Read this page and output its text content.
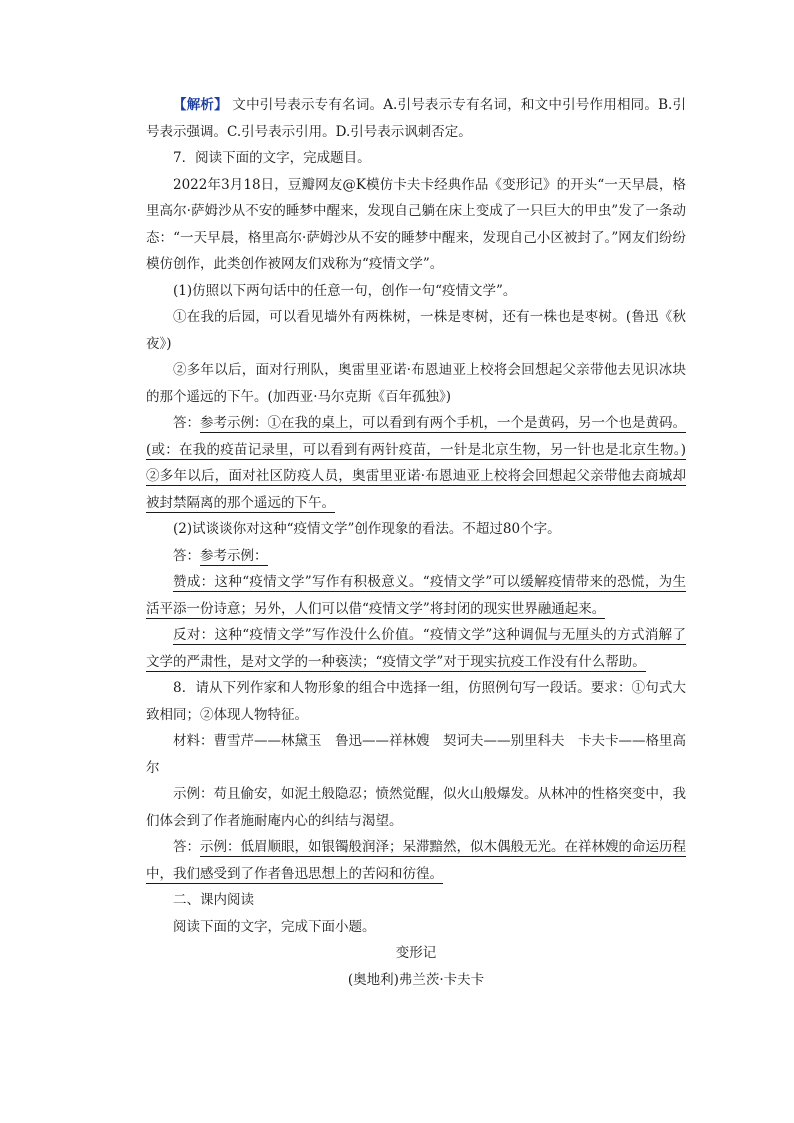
【解析】 文中引号表示专有名词。A.引号表示专有名词，和文中引号作用相同。B.引号表示强调。C.引号表示引用。D.引号表示讽刺否定。

7．阅读下面的文字，完成题目。

2022年3月18日，豆瓣网友@K模仿卡夫卡经典作品《变形记》的开头“一天早晨，格里高尔·萨姆沙从不安的睡梦中醒来，发现自己躺在床上变成了一只巨大的甲虫”发了一条动态：“一天早晨，格里高尔·萨姆沙从不安的睡梦中醒来，发现自己小区被封了。”网友们纷纷模仿创作，此类创作被网友们戏称为“疫情文学”。

(1)仿照以下两句话中的任意一句，创作一句“疫情文学”。

①在我的后园，可以看见墙外有两株树，一株是枣树，还有一株也是枣树。(鲁迅《秋夜》)

②多年以后，面对行刑队，奥雷里亚诺·布恩迪亚上校将会回想起父亲带他去见识冰块的那个遥远的下午。(加西亚·马尔克斯《百年孤独》)

答：参考示例：①在我的桌上，可以看到有两个手机，一个是黄码，另一个也是黄码。(或：在我的疫苗记录里，可以看到有两针疫苗，一针是北京生物，另一针也是北京生物。)②多年以后，面对社区防疫人员，奥雷里亚诺·布恩迪亚上校将会回想起父亲带他去商城却被封禁隔离的那个遥远的下午。

(2)试谈谈你对这种“疫情文学”创作现象的看法。不超过80个字。

答：参考示例：

赞成：这种“疫情文学”写作有积极意义。“疫情文学”可以缓解疫情带来的恐慌，为生活平添一份诗意；另外，人们可以借“疫情文学”将封闭的现实世界融通起来。

反对：这种“疫情文学”写作没什么价值。“疫情文学”这种调侃与无厘头的方式消解了文学的严肃性，是对文学的一种亵渎；“疫情文学”对于现实抗疫工作没有什么帮助。

8．请从下列作家和人物形象的组合中选择一组，仿照例句写一段话。要求：①句式大致相同；②体现人物特征。

材料：曹雪芹——林黛玉　鲁迅——祥林嫂　契诃夫——别里科夫　卡夫卡——格里高尔

示例：苟且偷安，如泥土般隐忍；愤然觉醒，似火山般爆发。从林冲的性格突变中，我们体会到了作者施耐庵内心的纠结与渴望。

答：示例：低眉顺眼，如银镯般润泽；呆滞黯然，似木偶般无光。在祥林嫂的命运历程中，我们感受到了作者鲁迅思想上的苦闷和彷徨。

二、课内阅读

阅读下面的文字，完成下面小题。

变形记

(奥地利)弗兰茨·卡夫卡
